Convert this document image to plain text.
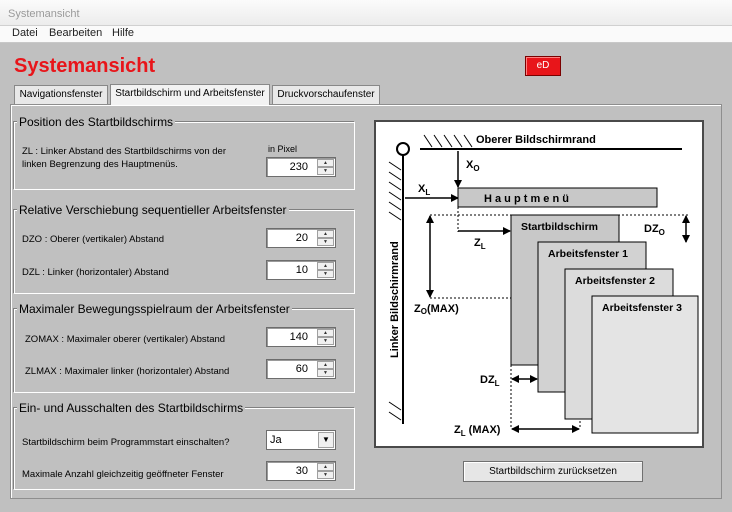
Systemansicht
Datei Bearbeiten Hilfe
Systemansicht	eD
Navigationsfenster	Startbildschirm und Arbeitsfenster	Druckvorschaufenster
Position des Startbildschirms
ZL : Linker Abstand des Startbildschirms von der linken Begrenzung des Hauptmenüs.
in Pixel
230	▲
▼
Relative Verschiebung sequentieller Arbeitsfenster
DZO : Oberer (vertikaler) Abstand	20	▲
▼
DZL : Linker (horizontaler) Abstand	10	▲
▼
Maximaler Bewegungsspielraum der Arbeitsfenster
ZOMAX : Maximaler oberer (vertikaler) Abstand	140	▲
▼
ZLMAX : Maximaler linker (horizontaler) Abstand	60	▲
▼
Ein- und Ausschalten des Startbildschirms
Startbildschirm beim Programmstart einschalten?	Ja	▼
Maximale Anzahl gleichzeitig geöffneter Fenster	30	▲
▼
Oberer Bildschirmrand
Linker Bildschirmrand
$X_O$
$X_L$
H a u p t m e n ü
$Z_L$
ZO(MAX)
Startbildschirm
Arbeitsfenster 1
Arbeitsfenster 2
Arbeitsfenster 3
$DZ_O$
$DZ_L$
$Z_L$ (MAX)
Startbildschirm zurücksetzen
